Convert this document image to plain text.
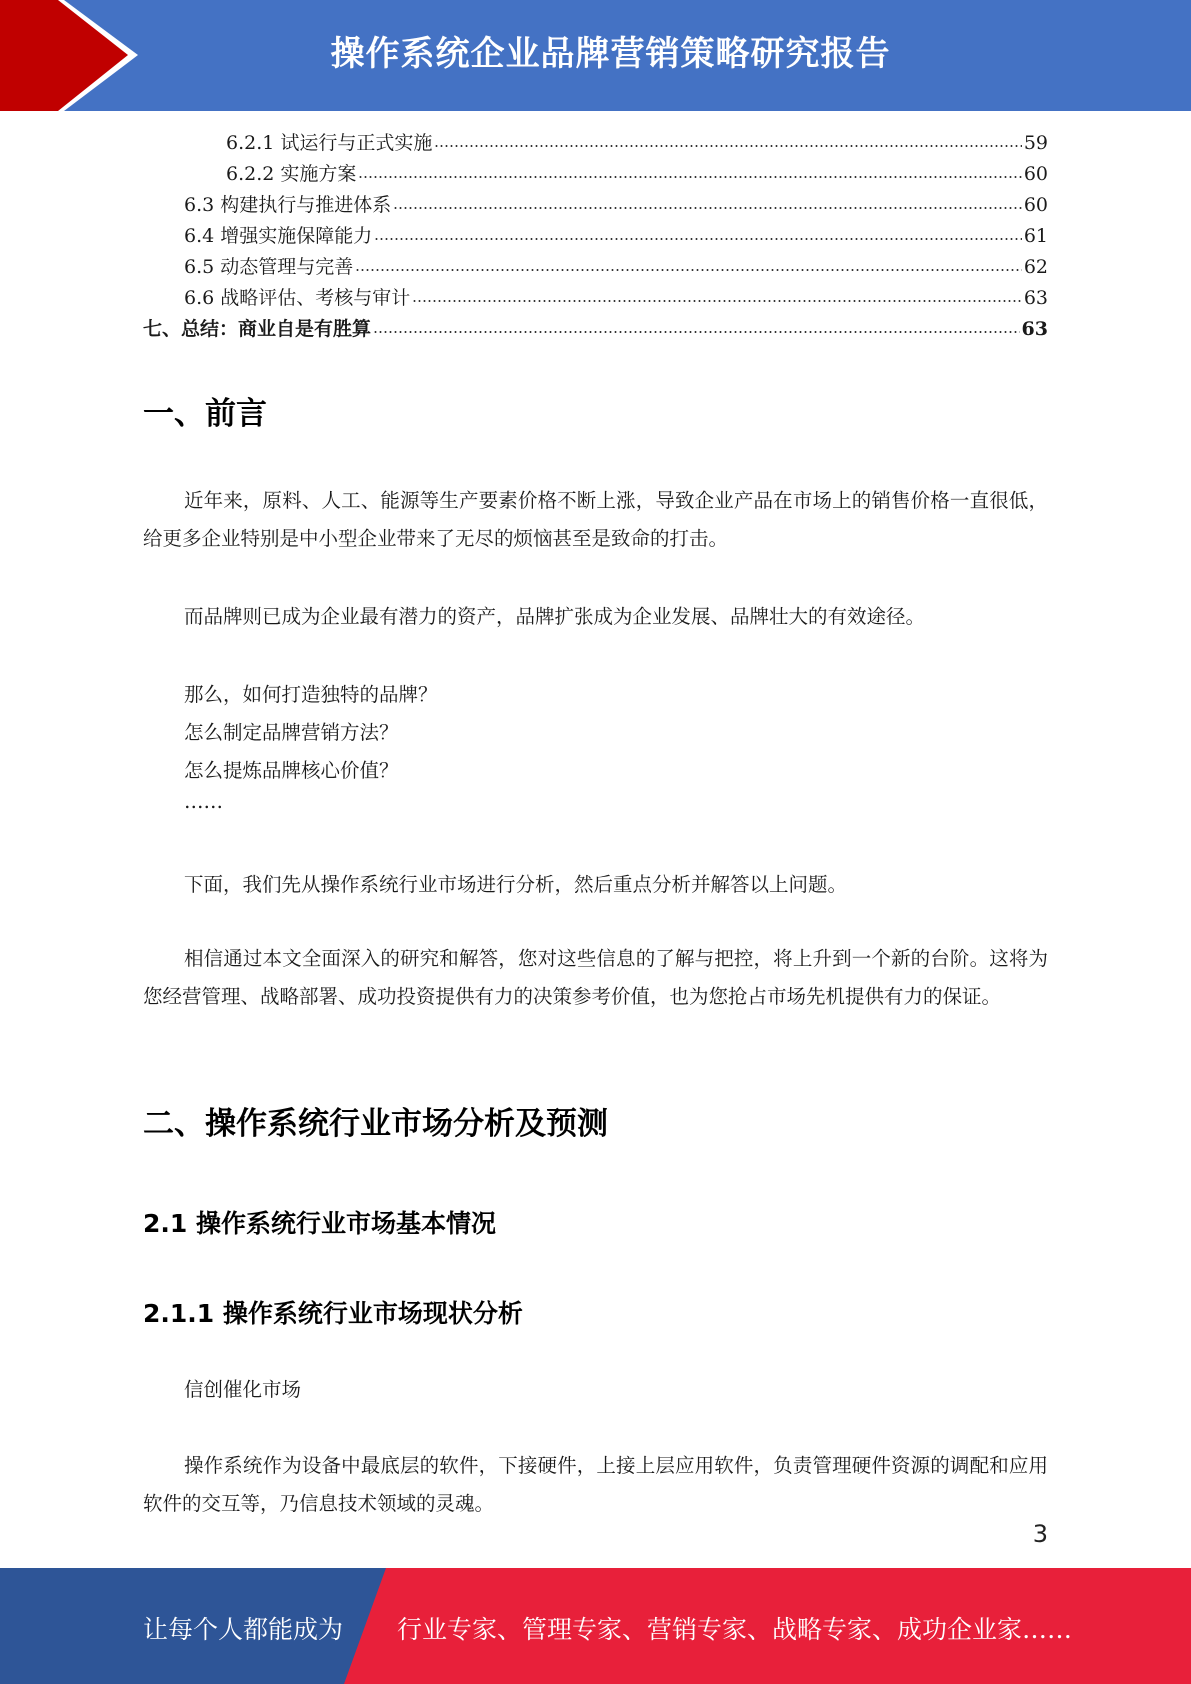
操作系统企业品牌营销策略研究报告
6.2.1 试运行与正式实施	59
6.2.2 实施方案	60
6.3 构建执行与推进体系	60
6.4 增强实施保障能力	61
6.5 动态管理与完善	62
6.6 战略评估、考核与审计	63
七、总结：商业自是有胜算	63
一、前言

近年来，原料、人工、能源等生产要素价格不断上涨，导致企业产品在市场上的销售价格一直很低，给更多企业特别是中小型企业带来了无尽的烦恼甚至是致命的打击。

而品牌则已成为企业最有潜力的资产，品牌扩张成为企业发展、品牌壮大的有效途径。

那么，如何打造独特的品牌？
怎么制定品牌营销方法？
怎么提炼品牌核心价值？
……

下面，我们先从操作系统行业市场进行分析，然后重点分析并解答以上问题。

相信通过本文全面深入的研究和解答，您对这些信息的了解与把控，将上升到一个新的台阶。这将为您经营管理、战略部署、成功投资提供有力的决策参考价值，也为您抢占市场先机提供有力的保证。

二、操作系统行业市场分析及预测
2.1 操作系统行业市场基本情况
2.1.1 操作系统行业市场现状分析

信创催化市场

操作系统作为设备中最底层的软件，下接硬件，上接上层应用软件，负责管理硬件资源的调配和应用软件的交互等，乃信息技术领域的灵魂。

3
让每个人都能成为 行业专家、管理专家、营销专家、战略专家、成功企业家……
